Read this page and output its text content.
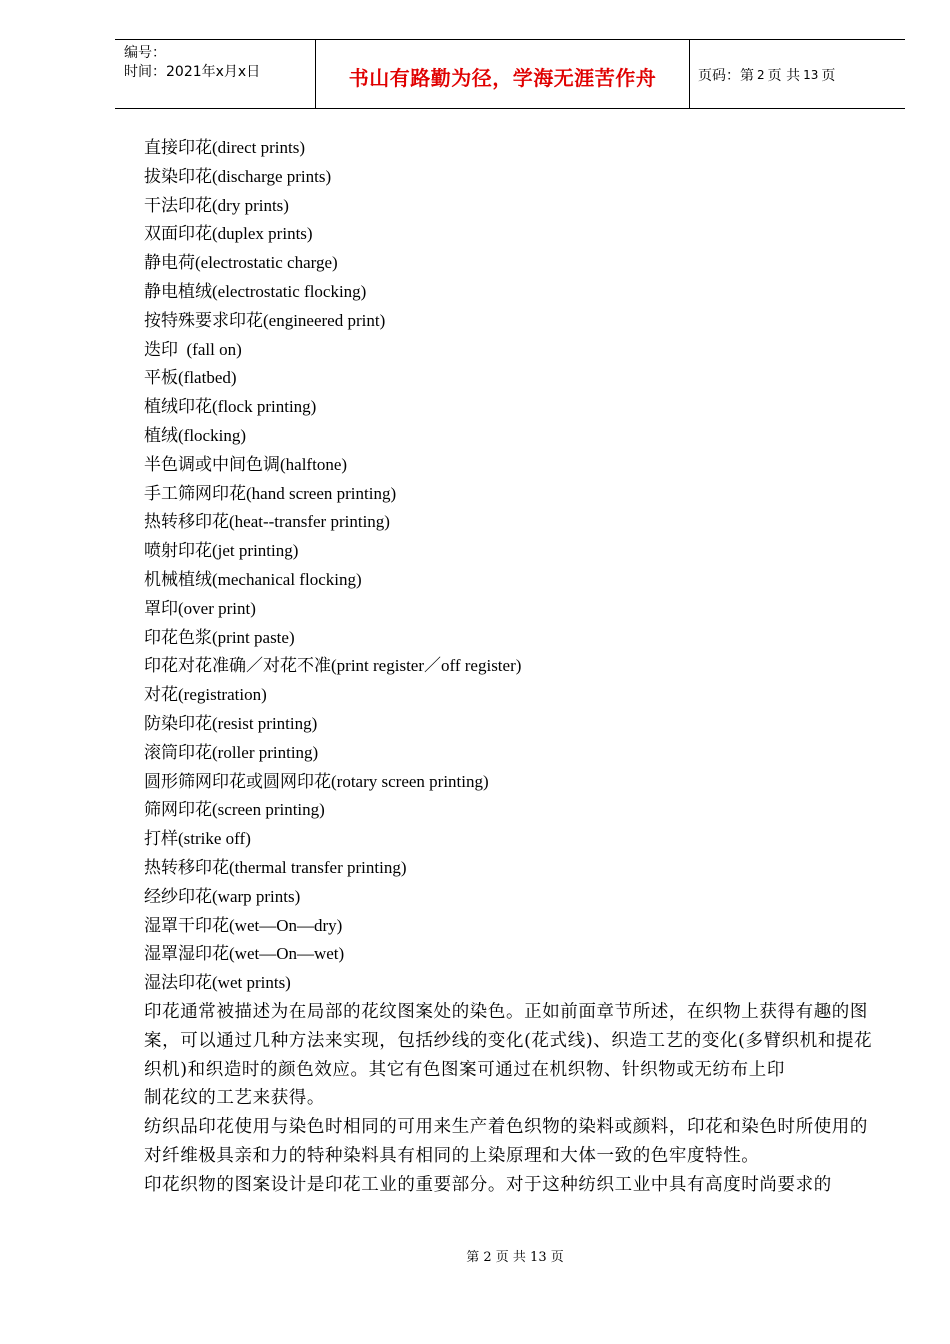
编号：
时间：2021年x月x日	书山有路勤为径，学海无涯苦作舟	页码：第 2 页 共 13 页
直接印花(direct prints)
拔染印花(discharge prints)
干法印花(dry prints)
双面印花(duplex prints)
静电荷(electrostatic charge)
静电植绒(electrostatic flocking)
按特殊要求印花(engineered print)
迭印  (fall on)
平板(flatbed)
植绒印花(flock printing)
植绒(flocking)
半色调或中间色调(halftone)
手工筛网印花(hand screen printing)
热转移印花(heat--transfer printing)
喷射印花(jet printing)
机械植绒(mechanical flocking)
罩印(over print)
印花色浆(print paste)
印花对花准确／对花不准(print register／off register)
对花(registration)
防染印花(resist printing)
滚筒印花(roller printing)
圆形筛网印花或圆网印花(rotary screen printing)
筛网印花(screen printing)
打样(strike off)
热转移印花(thermal transfer printing)
经纱印花(warp prints)
湿罩干印花(wet—On—dry)
湿罩湿印花(wet—On—wet)
湿法印花(wet prints)
印花通常被描述为在局部的花纹图案处的染色。正如前面章节所述，在织物上获得有趣的图案，可以通过几种方法来实现，包括纱线的变化(花式线)、织造工艺的变化(多臂织机和提花织机)和织造时的颜色效应。其它有色图案可通过在机织物、针织物或无纺布上印
制花纹的工艺来获得。
纺织品印花使用与染色时相同的可用来生产着色织物的染料或颜料，印花和染色时所使用的对纤维极具亲和力的特种染料具有相同的上染原理和大体一致的色牢度特性。
印花织物的图案设计是印花工业的重要部分。对于这种纺织工业中具有高度时尚要求的
第 2 页 共 13 页
